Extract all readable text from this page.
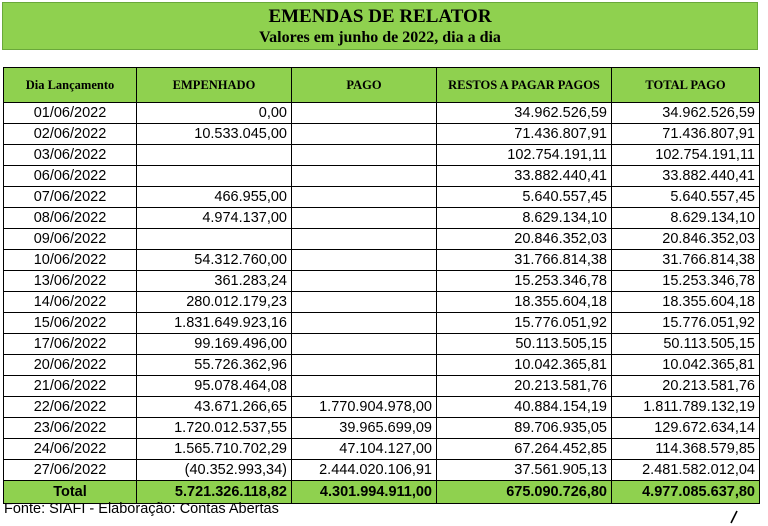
EMENDAS DE RELATOR
Valores em junho de 2022, dia a dia
Dia Lançamento	EMPENHADO	PAGO	RESTOS A PAGAR PAGOS	TOTAL PAGO
01/06/2022	0,00		34.962.526,59	34.962.526,59
02/06/2022	10.533.045,00		71.436.807,91	71.436.807,91
03/06/2022			102.754.191,11	102.754.191,11
06/06/2022			33.882.440,41	33.882.440,41
07/06/2022	466.955,00		5.640.557,45	5.640.557,45
08/06/2022	4.974.137,00		8.629.134,10	8.629.134,10
09/06/2022			20.846.352,03	20.846.352,03
10/06/2022	54.312.760,00		31.766.814,38	31.766.814,38
13/06/2022	361.283,24		15.253.346,78	15.253.346,78
14/06/2022	280.012.179,23		18.355.604,18	18.355.604,18
15/06/2022	1.831.649.923,16		15.776.051,92	15.776.051,92
17/06/2022	99.169.496,00		50.113.505,15	50.113.505,15
20/06/2022	55.726.362,96		10.042.365,81	10.042.365,81
21/06/2022	95.078.464,08		20.213.581,76	20.213.581,76
22/06/2022	43.671.266,65	1.770.904.978,00	40.884.154,19	1.811.789.132,19
23/06/2022	1.720.012.537,55	39.965.699,09	89.706.935,05	129.672.634,14
24/06/2022	1.565.710.702,29	47.104.127,00	67.264.452,85	114.368.579,85
27/06/2022	(40.352.993,34)	2.444.020.106,91	37.561.905,13	2.481.582.012,04
Total	5.721.326.118,82	4.301.994.911,00	675.090.726,80	4.977.085.637,80
Fonte: SIAFI - Elaboração: Contas Abertas
